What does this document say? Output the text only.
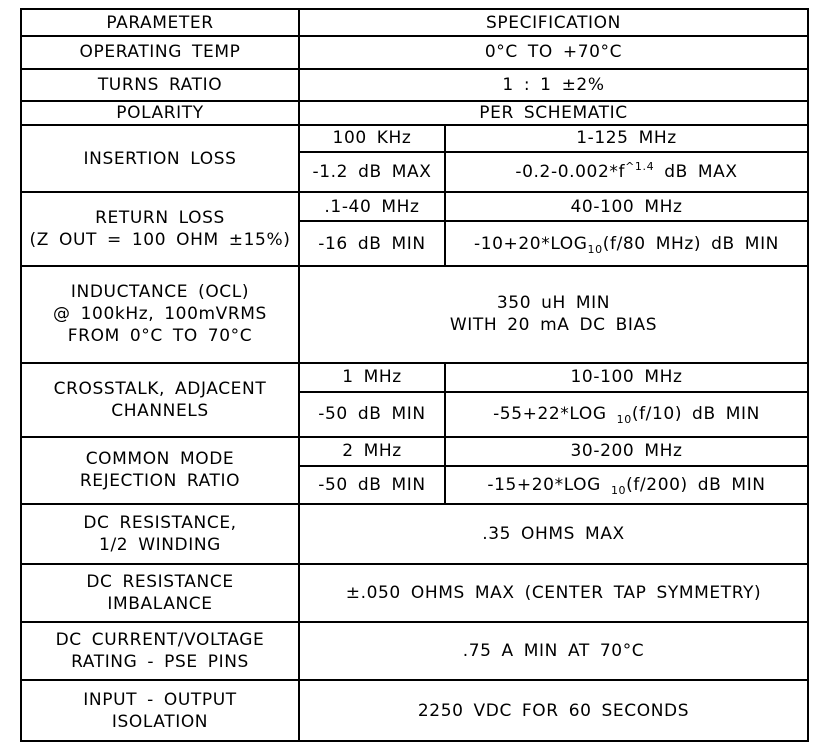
PARAMETER	SPECIFICATION	
OPERATING TEMP	0°C TO +70°C	
TURNS RATIO	1 : 1 ±2%	
POLARITY	PER SCHEMATIC	
INSERTION LOSS	100 KHz	1-125 MHz
	-1.2 dB MAX	$-0.2-0.002*f^{\^{}1.4}$ dB MAX

RETURN LOSS
(Z OUT = 100 OHM ±15%)	.1-40 MHz	40-100 MHz
	-16 dB MIN	$-10+20*LOG_{10}(f/80$ MHz) dB MIN

INDUCTANCE (OCL)
@ 100kHz, 100mVRMS
FROM 0°C TO 70°C	350 uH MIN
WITH 20 mA DC BIAS	

CROSSTALK, ADJACENT
CHANNELS	1 MHz	10-100 MHz
	-50 dB MIN	-55+22*LOG $_{10}$(f/10) dB MIN

COMMON MODE
REJECTION RATIO	2 MHz	30-200 MHz
	-50 dB MIN	-15+20*LOG $_{10}$(f/200) dB MIN

DC RESISTANCE,
1/2 WINDING	.35 OHMS MAX	

DC RESISTANCE
IMBALANCE	±.050 OHMS MAX (CENTER TAP SYMMETRY)	

DC CURRENT/VOLTAGE
RATING - PSE PINS	.75 A MIN AT 70°C	

INPUT - OUTPUT
ISOLATION	2250 VDC FOR 60 SECONDS	
